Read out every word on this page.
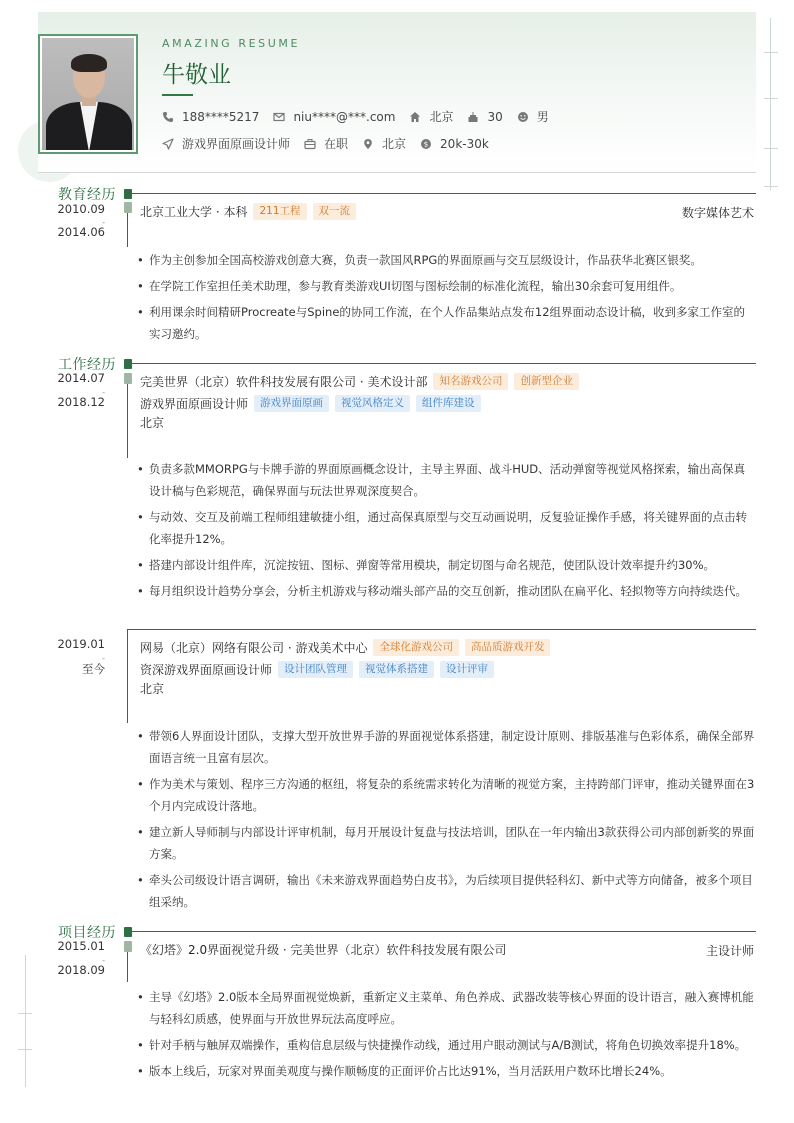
AMAZING RESUME
牛敬业
188****5217	niu****@***.com	北京	30	男
游戏界面原画设计师	在职	北京	$ 20k-30k
教育经历
2010.09
-
2014.06
北京工业大学 · 本科	211工程	双一流	数字媒体艺术
• 作为主创参加全国高校游戏创意大赛，负责一款国风RPG的界面原画与交互层级设计，作品获华北赛区银奖。
• 在学院工作室担任美术助理，参与教育类游戏UI切图与图标绘制的标准化流程，输出30余套可复用组件。
• 利用课余时间精研Procreate与Spine的协同工作流，在个人作品集站点发布12组界面动态设计稿，收到多家工作室的实习邀约。
工作经历
2014.07
-
2018.12
完美世界（北京）软件科技发展有限公司 · 美术设计部	知名游戏公司	创新型企业
游戏界面原画设计师	游戏界面原画	视觉风格定义	组件库建设
北京
• 负责多款MMORPG与卡牌手游的界面原画概念设计，主导主界面、战斗HUD、活动弹窗等视觉风格探索，输出高保真设计稿与色彩规范，确保界面与玩法世界观深度契合。
• 与动效、交互及前端工程师组建敏捷小组，通过高保真原型与交互动画说明，反复验证操作手感，将关键界面的点击转化率提升12%。
• 搭建内部设计组件库，沉淀按钮、图标、弹窗等常用模块，制定切图与命名规范，使团队设计效率提升约30%。
• 每月组织设计趋势分享会，分析主机游戏与移动端头部产品的交互创新，推动团队在扁平化、轻拟物等方向持续迭代。
2019.01
-
至今
网易（北京）网络有限公司 · 游戏美术中心	全球化游戏公司	高品质游戏开发
资深游戏界面原画设计师	设计团队管理	视觉体系搭建	设计评审
北京
• 带领6人界面设计团队，支撑大型开放世界手游的界面视觉体系搭建，制定设计原则、排版基准与色彩体系，确保全部界面语言统一且富有层次。
• 作为美术与策划、程序三方沟通的枢纽，将复杂的系统需求转化为清晰的视觉方案，主持跨部门评审，推动关键界面在3个月内完成设计落地。
• 建立新人导师制与内部设计评审机制，每月开展设计复盘与技法培训，团队在一年内输出3款获得公司内部创新奖的界面方案。
• 牵头公司级设计语言调研，输出《未来游戏界面趋势白皮书》，为后续项目提供轻科幻、新中式等方向储备，被多个项目组采纳。
项目经历
2015.01
-
2018.09
《幻塔》2.0界面视觉升级 · 完美世界（北京）软件科技发展有限公司	主设计师
• 主导《幻塔》2.0版本全局界面视觉焕新，重新定义主菜单、角色养成、武器改装等核心界面的设计语言，融入赛博机能与轻科幻质感，使界面与开放世界玩法高度呼应。
• 针对手柄与触屏双端操作，重构信息层级与快捷操作动线，通过用户眼动测试与A/B测试，将角色切换效率提升18%。
• 版本上线后，玩家对界面美观度与操作顺畅度的正面评价占比达91%，当月活跃用户数环比增长24%。
